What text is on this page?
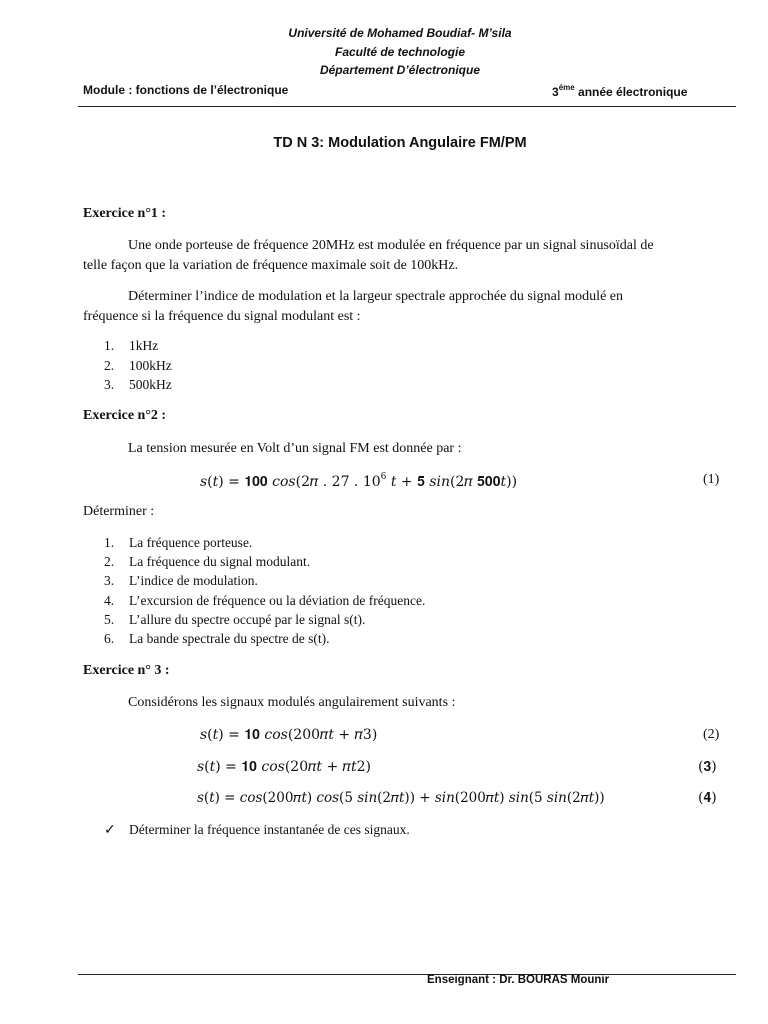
Université de Mohamed Boudiaf- M’sila
Faculté de technologie
Département D’électronique
Module : fonctions de l’électronique	$3^{éme}$ année électronique
TD N 3: Modulation Angulaire FM/PM
Exercice n°1 :
Une onde porteuse de fréquence 20MHz est modulée en fréquence par un signal sinusoïdal de
telle façon que la variation de fréquence maximale soit de 100kHz.
Déterminer l’indice de modulation et la largeur spectrale approchée du signal modulé en
fréquence si la fréquence du signal modulant est :
1. 1kHz
2. 100kHz
3. 500kHz
Exercice n°2 :
La tension mesurée en Volt d’un signal FM est donnée par :
𝑠(𝑡) = 𝟏𝟎𝟎 𝑐𝑜𝑠(2𝜋 . 27 . $10^6$ 𝑡 + 𝟓 𝑠𝑖𝑛(2𝜋 𝟓𝟎𝟎𝑡))	(1)
Déterminer :
1. La fréquence porteuse.
2. La fréquence du signal modulant.
3. L’indice de modulation.
4. L’excursion de fréquence ou la déviation de fréquence.
5. L’allure du spectre occupé par le signal s(t).
6. La bande spectrale du spectre de s(t).
Exercice n° 3 :
Considérons les signaux modulés angulairement suivants :
𝑠(𝑡) = 𝟏𝟎 𝑐𝑜𝑠(200𝜋𝑡 + 𝜋3)	(2)
𝑠(𝑡) = 𝟏𝟎 𝑐𝑜𝑠(20𝜋𝑡 + 𝜋𝑡2)	(𝟑)
𝑠(𝑡) = 𝑐𝑜𝑠(200𝜋𝑡) 𝑐𝑜𝑠(5 𝑠𝑖𝑛(2𝜋𝑡)) + 𝑠𝑖𝑛(200𝜋𝑡) 𝑠𝑖𝑛(5 𝑠𝑖𝑛(2𝜋𝑡))	(𝟒)
✓ Déterminer la fréquence instantanée de ces signaux.
Enseignant : Dr. BOURAS Mounir
